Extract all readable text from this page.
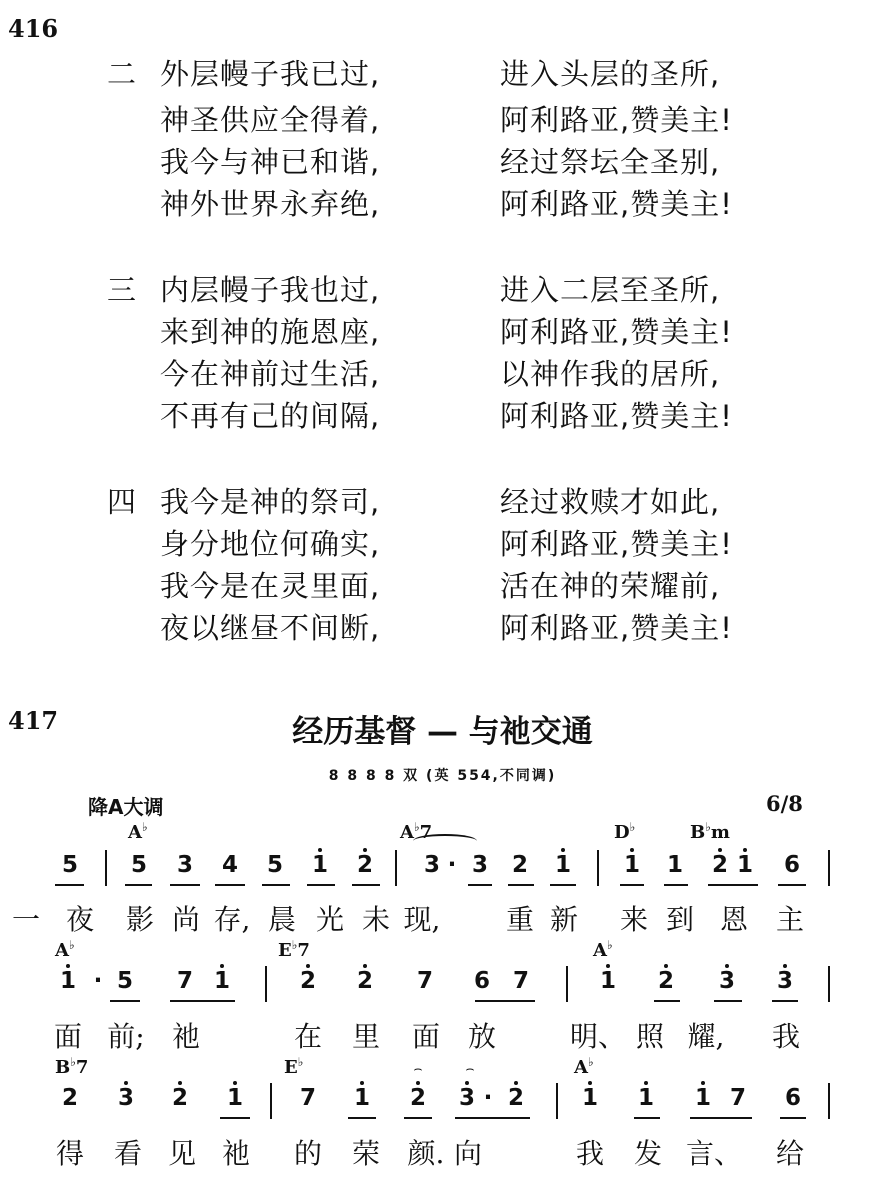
416
二 外层幔子我已过,	进入头层的圣所,
神圣供应全得着,	阿利路亚,赞美主!
我今与神已和谐,	经过祭坛全圣别,
神外世界永弃绝,	阿利路亚,赞美主!
三 内层幔子我也过,	进入二层至圣所,
来到神的施恩座,	阿利路亚,赞美主!
今在神前过生活,	以神作我的居所,
不再有己的间隔,	阿利路亚,赞美主!
四 我今是神的祭司,	经过救赎才如此,
身分地位何确实,	阿利路亚,赞美主!
我今是在灵里面,	活在神的荣耀前,
夜以继昼不间断,	阿利路亚,赞美主!
417	经历基督 — 与祂交通
8 8 8 8 双 (英 554,不同调)
降A大调	6/8
A♭	A♭7	D♭	B♭m
5 5 3 4 5 1 2 3 · 3 2 1 1 1 2 1 6
一 夜 影 尚 存, 晨 光 未 现, 重 新 来 到 恩 主
A♭	E♭7	A♭
1 · 5 7 1	2 2 7 6 7	1 2 3 3
面 前; 祂	在 里 面 放	明、 照 耀, 我
B♭7	E♭	A♭
2 3 2 1 7 1 2 3 · 2	1 1 1 7 6
⌢	⌢
得 看 见 祂 的 荣 颜. 向	我 发 言、 给
